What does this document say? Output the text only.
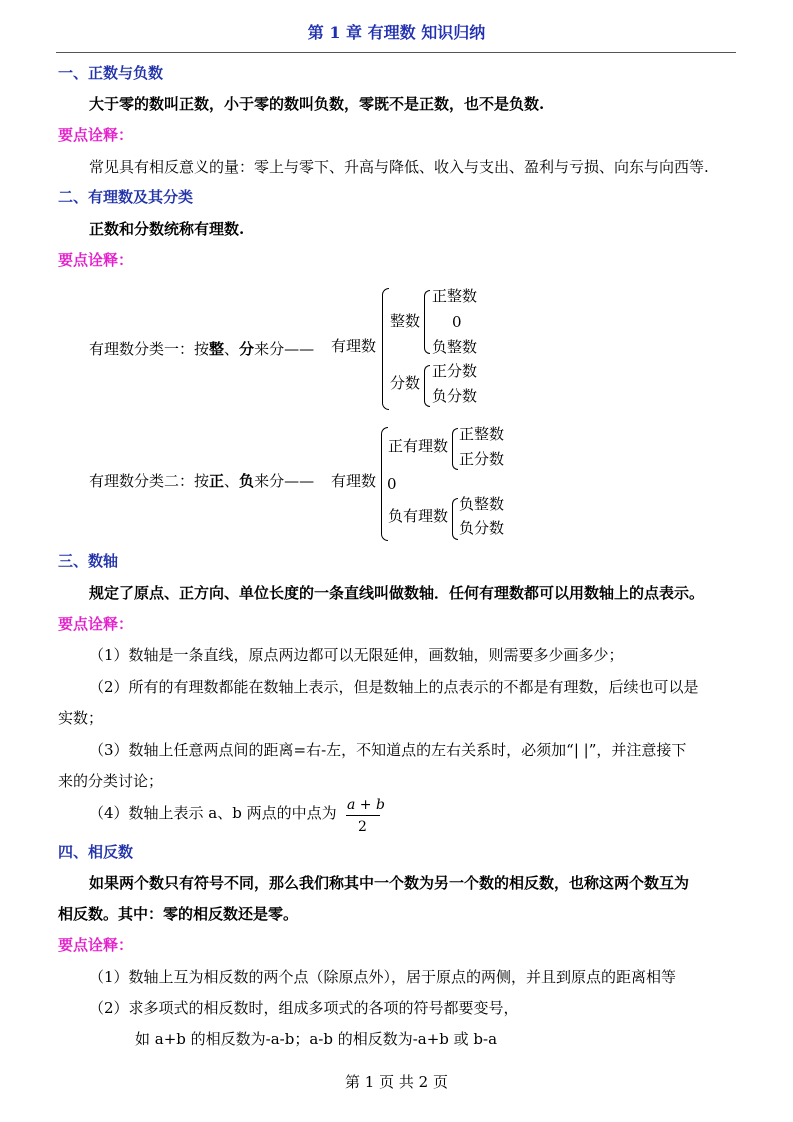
第 1 章 有理数 知识归纳
一、正数与负数
大于零的数叫正数，小于零的数叫负数，零既不是正数，也不是负数.
要点诠释：
常见具有相反意义的量：零上与零下、升高与降低、收入与支出、盈利与亏损、向东与向西等.
二、有理数及其分类
正数和分数统称有理数.
要点诠释：
有理数分类一：按整、分来分—— 有理数
整数
正整数
0
负整数
分数
正分数
负分数
有理数分类二：按正、负来分—— 有理数
正有理数
正整数
正分数
0
负有理数
负整数
负分数
三、数轴
规定了原点、正方向、单位长度的一条直线叫做数轴．任何有理数都可以用数轴上的点表示。
要点诠释：
（1）数轴是一条直线，原点两边都可以无限延伸，画数轴，则需要多少画多少；
（2）所有的有理数都能在数轴上表示，但是数轴上的点表示的不都是有理数，后续也可以是
实数；
（3）数轴上任意两点间的距离=右-左，不知道点的左右关系时，必须加“| |”，并注意接下
来的分类讨论；
（4）数轴上表示 a、b 两点的中点为 a + b
2
四、相反数
如果两个数只有符号不同，那么我们称其中一个数为另一个数的相反数，也称这两个数互为
相反数。其中：零的相反数还是零。
要点诠释：
（1）数轴上互为相反数的两个点（除原点外），居于原点的两侧，并且到原点的距离相等
（2）求多项式的相反数时，组成多项式的各项的符号都要变号，
如 a+b 的相反数为-a-b；a-b 的相反数为-a+b 或 b-a
第 1 页 共 2 页
